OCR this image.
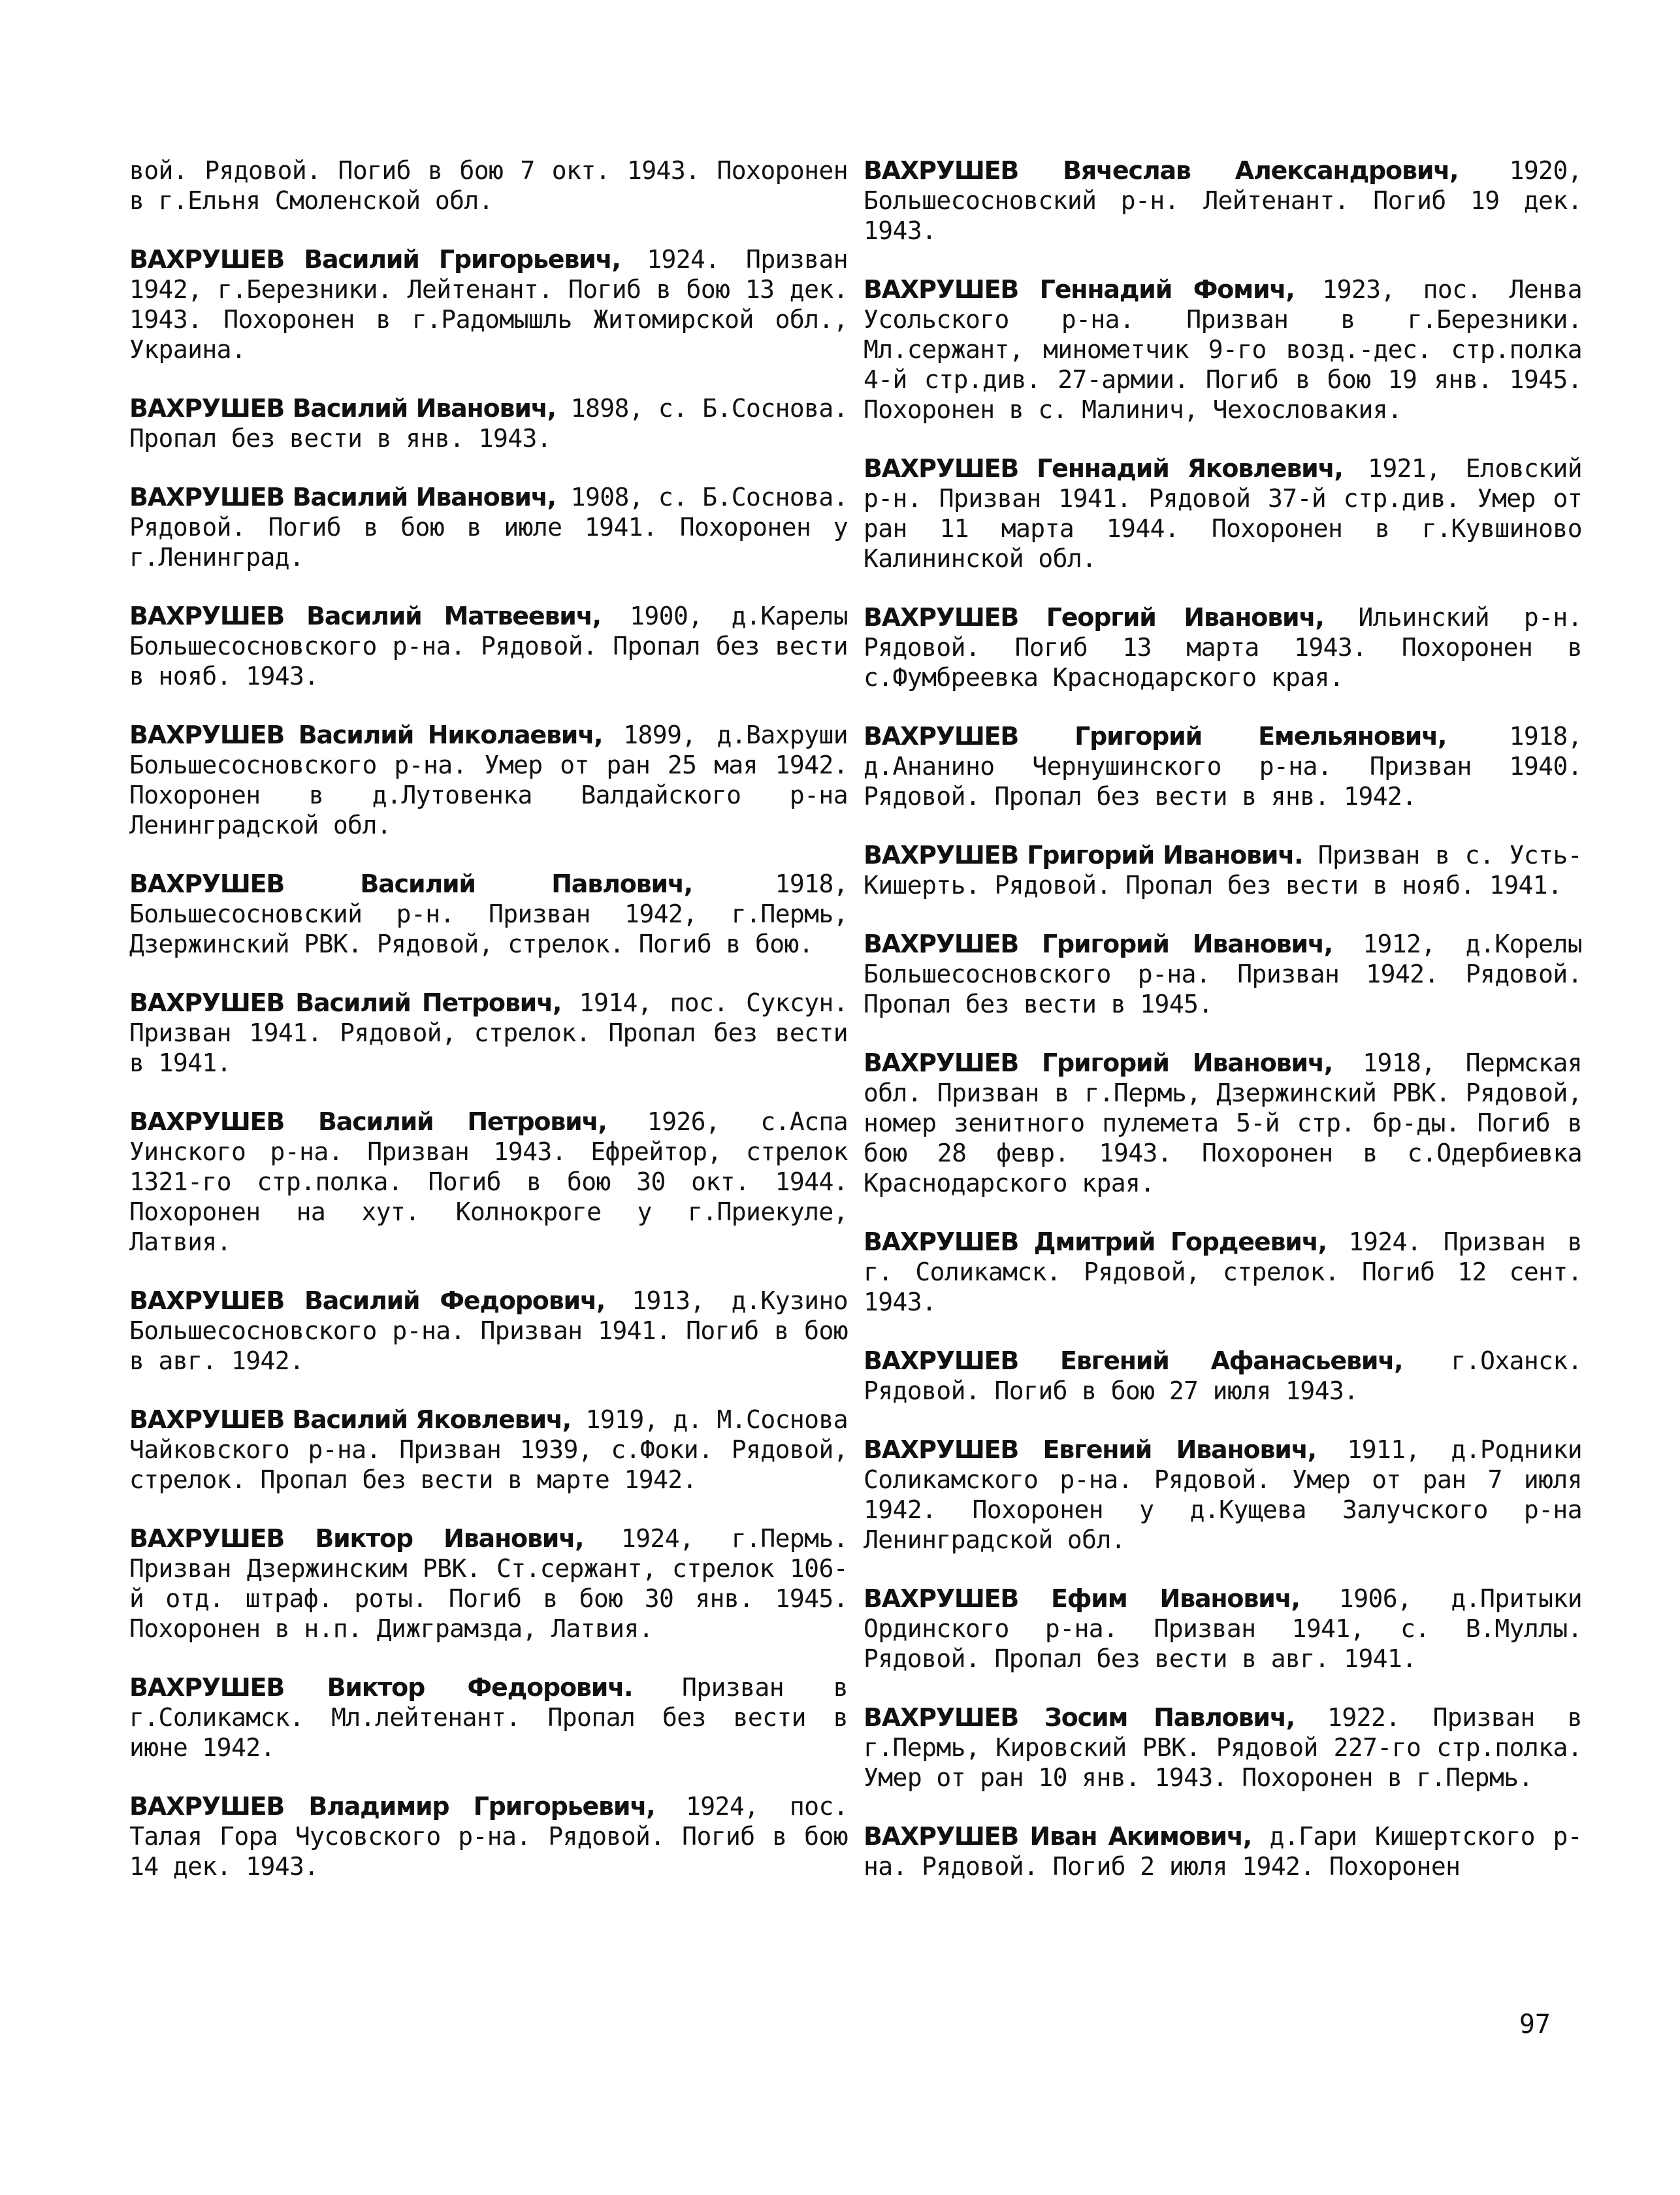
вой. Рядовой. Погиб в бою 7 окт. 1943. Похоронен в г.Ельня Смоленской обл.

ВАХРУШЕВ Василий Григорьевич, 1924. Призван 1942, г.Березники. Лейтенант. Погиб в бою 13 дек. 1943. Похоронен в г.Радомышль Житомирской обл., Украина.

ВАХРУШЕВ Василий Иванович, 1898, с. Б.Соснова. Пропал без вести в янв. 1943.

ВАХРУШЕВ Василий Иванович, 1908, с. Б.Соснова. Рядовой. Погиб в бою в июле 1941. Похоронен у г.Ленинград.

ВАХРУШЕВ Василий Матвеевич, 1900, д.Карелы Большесосновского р-на. Рядовой. Пропал без вести в нояб. 1943.

ВАХРУШЕВ Василий Николаевич, 1899, д.Вахруши Большесосновского р-на. Умер от ран 25 мая 1942. Похоронен в д.Лутовенка Валдайского р-на Ленинградской обл.

ВАХРУШЕВ Василий Павлович, 1918, Большесосновский р-н. Призван 1942, г.Пермь, Дзержинский РВК. Рядовой, стрелок. Погиб в бою.

ВАХРУШЕВ Василий Петрович, 1914, пос. Суксун. Призван 1941. Рядовой, стрелок. Пропал без вести в 1941.

ВАХРУШЕВ Василий Петрович, 1926, с.Аспа Уинского р-на. Призван 1943. Ефрейтор, стрелок 1321-го стр.полка. Погиб в бою 30 окт. 1944. Похоронен на хут. Колнокроге у г.Приекуле, Латвия.

ВАХРУШЕВ Василий Федорович, 1913, д.Кузино Большесосновского р-на. Призван 1941. Погиб в бою в авг. 1942.

ВАХРУШЕВ Василий Яковлевич, 1919, д. М.Соснова Чайковского р-на. Призван 1939, с.Фоки. Рядовой, стрелок. Пропал без вести в марте 1942.

ВАХРУШЕВ Виктор Иванович, 1924, г.Пермь. Призван Дзержинским РВК. Ст.сержант, стрелок 106-й отд. штраф. роты. Погиб в бою 30 янв. 1945. Похоронен в н.п. Дижграмзда, Латвия.

ВАХРУШЕВ Виктор Федорович. Призван в г.Соликамск. Мл.лейтенант. Пропал без вести в июне 1942.

ВАХРУШЕВ Владимир Григорьевич, 1924, пос. Талая Гора Чусовского р-на. Рядовой. Погиб в бою 14 дек. 1943.

ВАХРУШЕВ Вячеслав Александрович, 1920, Большесосновский р-н. Лейтенант. Погиб 19 дек. 1943.

ВАХРУШЕВ Геннадий Фомич, 1923, пос. Ленва Усольского р-на. Призван в г.Березники. Мл.сержант, минометчик 9-го возд.-дес. стр.полка 4-й стр.див. 27-армии. Погиб в бою 19 янв. 1945. Похоронен в с. Малинич, Чехословакия.

ВАХРУШЕВ Геннадий Яковлевич, 1921, Еловский р-н. Призван 1941. Рядовой 37-й стр.див. Умер от ран 11 марта 1944. Похоронен в г.Кувшиново Калининской обл.

ВАХРУШЕВ Георгий Иванович, Ильинский р-н. Рядовой. Погиб 13 марта 1943. Похоронен в с.Фумбреевка Краснодарского края.

ВАХРУШЕВ Григорий Емельянович, 1918, д.Ананино Чернушинского р-на. Призван 1940. Рядовой. Пропал без вести в янв. 1942.

ВАХРУШЕВ Григорий Иванович. Призван в с. Усть-Кишерть. Рядовой. Пропал без вести в нояб. 1941.

ВАХРУШЕВ Григорий Иванович, 1912, д.Корелы Большесосновского р-на. Призван 1942. Рядовой. Пропал без вести в 1945.

ВАХРУШЕВ Григорий Иванович, 1918, Пермская обл. Призван в г.Пермь, Дзержинский РВК. Рядовой, номер зенитного пулемета 5-й стр. бр-ды. Погиб в бою 28 февр. 1943. Похоронен в с.Одербиевка Краснодарского края.

ВАХРУШЕВ Дмитрий Гордеевич, 1924. Призван в г. Соликамск. Рядовой, стрелок. Погиб 12 сент. 1943.

ВАХРУШЕВ Евгений Афанасьевич, г.Оханск. Рядовой. Погиб в бою 27 июля 1943.

ВАХРУШЕВ Евгений Иванович, 1911, д.Родники Соликамского р-на. Рядовой. Умер от ран 7 июля 1942. Похоронен у д.Кущева Залучского р-на Ленинградской обл.

ВАХРУШЕВ Ефим Иванович, 1906, д.Притыки Ординского р-на. Призван 1941, с. В.Муллы. Рядовой. Пропал без вести в авг. 1941.

ВАХРУШЕВ Зосим Павлович, 1922. Призван в г.Пермь, Кировский РВК. Рядовой 227-го стр.полка. Умер от ран 10 янв. 1943. Похоронен в г.Пермь.

ВАХРУШЕВ Иван Акимович, д.Гари Кишертского р-на. Рядовой. Погиб 2 июля 1942. Похоронен

97
